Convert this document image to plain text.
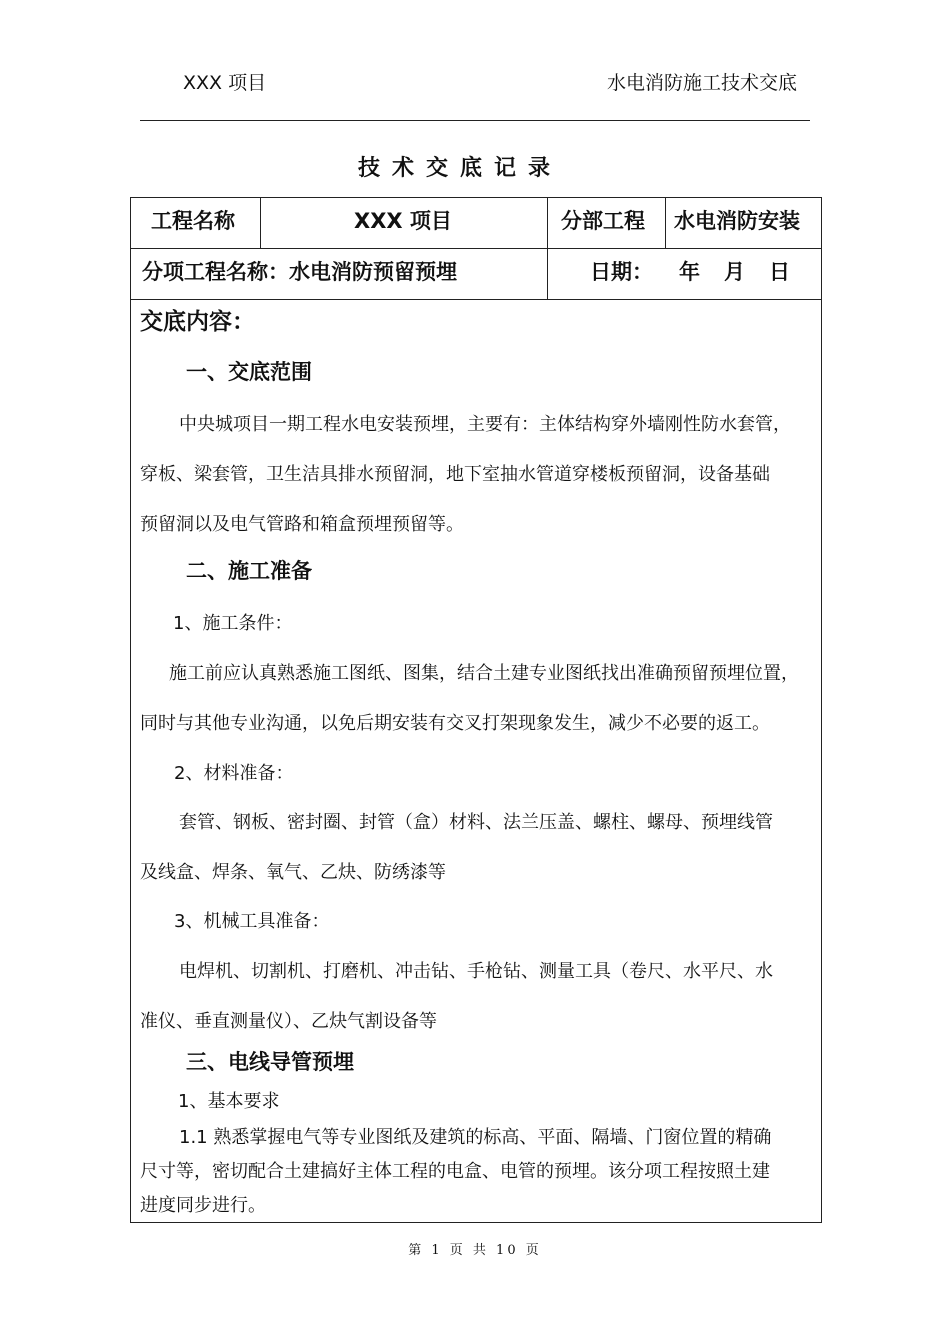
XXX 项目	水电消防施工技术交底
技术交底记录
工程名称	XXX 项目	分部工程 水电消防安装
分项工程名称：水电消防预留预埋	日期： 年 月 日
交底内容：
一、交底范围
中央城项目一期工程水电安装预埋，主要有：主体结构穿外墙刚性防水套管，
穿板、梁套管，卫生洁具排水预留洞，地下室抽水管道穿楼板预留洞，设备基础
预留洞以及电气管路和箱盒预埋预留等。
二、施工准备
1、施工条件：
施工前应认真熟悉施工图纸、图集，结合土建专业图纸找出准确预留预埋位置，
同时与其他专业沟通，以免后期安装有交叉打架现象发生，减少不必要的返工。
2、材料准备：
套管、钢板、密封圈、封管（盒）材料、法兰压盖、螺柱、螺母、预埋线管
及线盒、焊条、氧气、乙炔、防绣漆等
3、机械工具准备：
电焊机、切割机、打磨机、冲击钻、手枪钻、测量工具（卷尺、水平尺、水
准仪、垂直测量仪）、乙炔气割设备等
三、电线导管预埋
1、基本要求
1.1 熟悉掌握电气等专业图纸及建筑的标高、平面、隔墙、门窗位置的精确
尺寸等，密切配合土建搞好主体工程的电盒、电管的预埋。该分项工程按照土建
进度同步进行。
第 1 页 共 10 页
